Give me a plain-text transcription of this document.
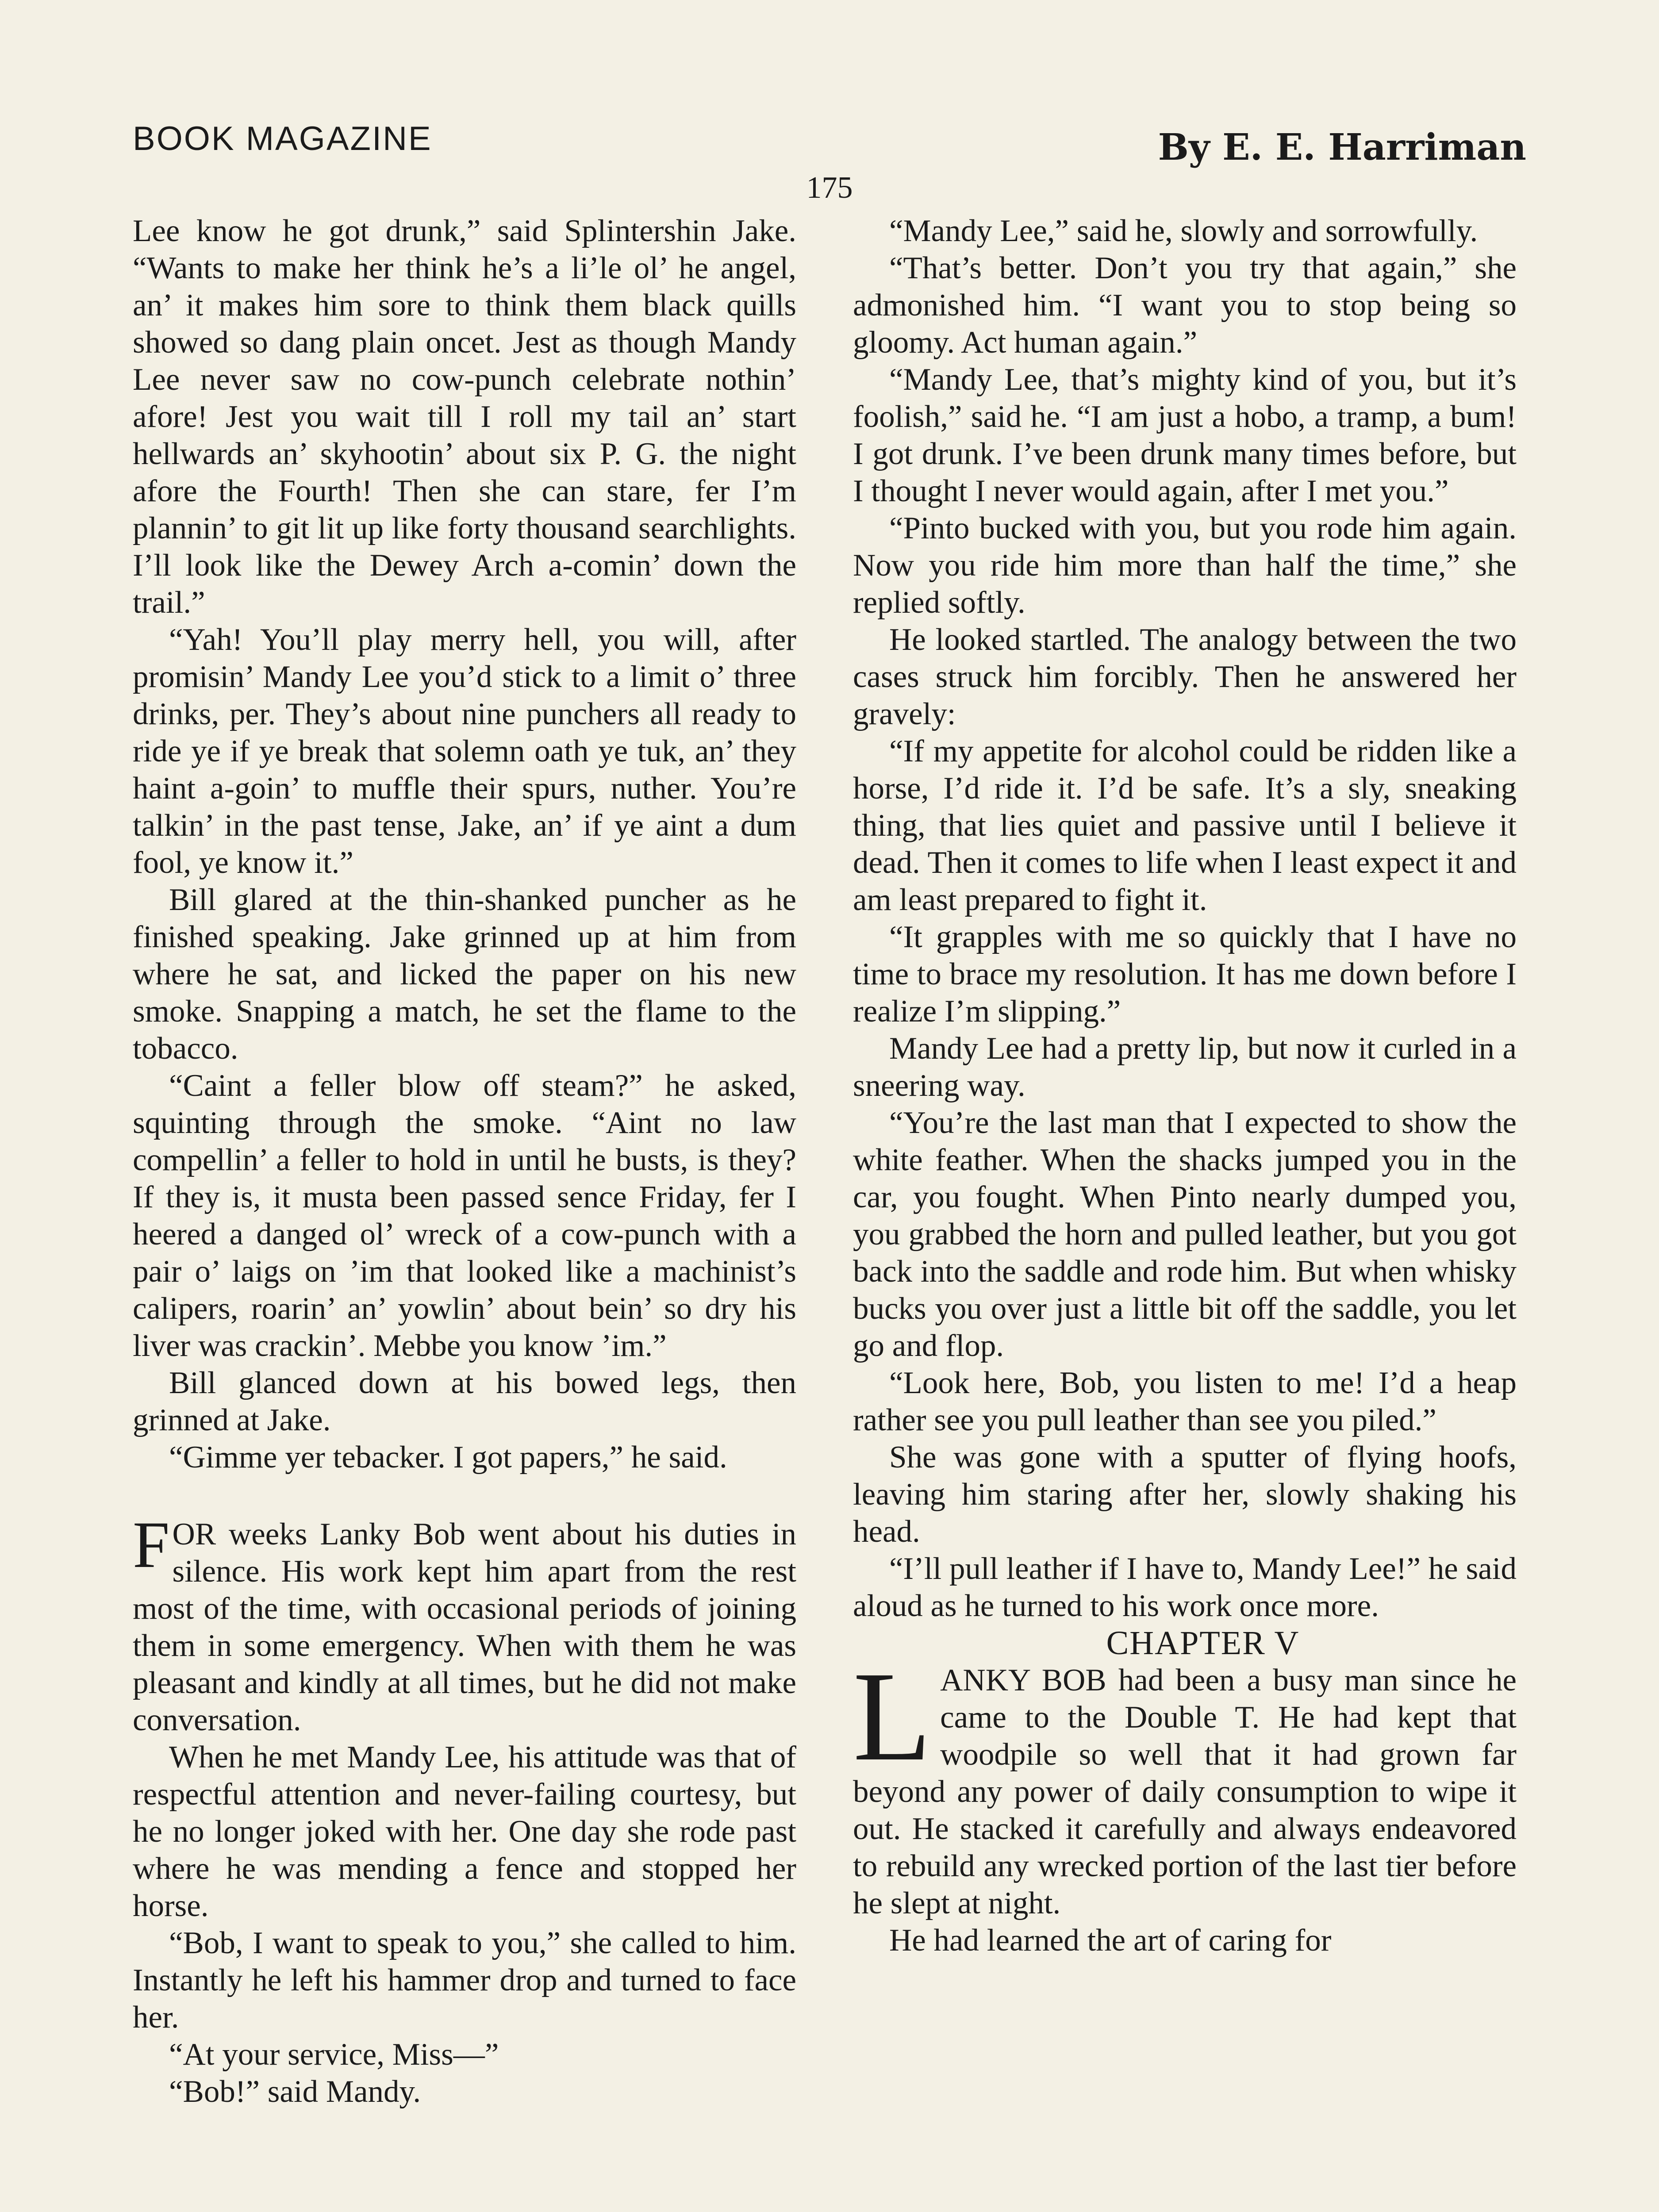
BOOK MAGAZINE	By E. E. Harriman
175

Lee know he got drunk,” said Splintershin Jake. “Wants to make her think he’s a li’le ol’ he angel, an’ it makes him sore to think them black quills showed so dang plain oncet. Jest as though Mandy Lee never saw no cow-punch celebrate nothin’ afore! Jest you wait till I roll my tail an’ start hellwards an’ skyhootin’ about six P. G. the night afore the Fourth! Then she can stare, fer I’m plannin’ to git lit up like forty thousand searchlights. I’ll look like the Dewey Arch a-comin’ down the trail.”

“Yah! You’ll play merry hell, you will, after promisin’ Mandy Lee you’d stick to a limit o’ three drinks, per. They’s about nine punchers all ready to ride ye if ye break that solemn oath ye tuk, an’ they haint a-goin’ to muffle their spurs, nuther. You’re talkin’ in the past tense, Jake, an’ if ye aint a dum fool, ye know it.”

Bill glared at the thin-shanked puncher as he finished speaking. Jake grinned up at him from where he sat, and licked the paper on his new smoke. Snapping a match, he set the flame to the tobacco.

“Caint a feller blow off steam?” he asked, squinting through the smoke. “Aint no law compellin’ a feller to hold in until he busts, is they? If they is, it musta been passed sence Friday, fer I heered a danged ol’ wreck of a cow-punch with a pair o’ laigs on ’im that looked like a machinist’s calipers, roarin’ an’ yowlin’ about bein’ so dry his liver was crackin’. Mebbe you know ’im.”

Bill glanced down at his bowed legs, then grinned at Jake.

“Gimme yer tebacker. I got papers,” he said.

FOR weeks Lanky Bob went about his duties in silence. His work kept him apart from the rest most of the time, with occasional periods of joining them in some emergency. When with them he was pleasant and kindly at all times, but he did not make conversation.

When he met Mandy Lee, his attitude was that of respectful attention and never-failing courtesy, but he no longer joked with her. One day she rode past where he was mending a fence and stopped her horse.

“Bob, I want to speak to you,” she called to him. Instantly he left his hammer drop and turned to face her.

“At your service, Miss—”

“Bob!” said Mandy.

“Mandy Lee,” said he, slowly and sorrowfully.

“That’s better. Don’t you try that again,” she admonished him. “I want you to stop being so gloomy. Act human again.”

“Mandy Lee, that’s mighty kind of you, but it’s foolish,” said he. “I am just a hobo, a tramp, a bum! I got drunk. I’ve been drunk many times before, but I thought I never would again, after I met you.”

“Pinto bucked with you, but you rode him again. Now you ride him more than half the time,” she replied softly.

He looked startled. The analogy between the two cases struck him forcibly. Then he answered her gravely:

“If my appetite for alcohol could be ridden like a horse, I’d ride it. I’d be safe. It’s a sly, sneaking thing, that lies quiet and passive until I believe it dead. Then it comes to life when I least expect it and am least prepared to fight it.

“It grapples with me so quickly that I have no time to brace my resolution. It has me down before I realize I’m slipping.”

Mandy Lee had a pretty lip, but now it curled in a sneering way.

“You’re the last man that I expected to show the white feather. When the shacks jumped you in the car, you fought. When Pinto nearly dumped you, you grabbed the horn and pulled leather, but you got back into the saddle and rode him. But when whisky bucks you over just a little bit off the saddle, you let go and flop.

“Look here, Bob, you listen to me! I’d a heap rather see you pull leather than see you piled.”

She was gone with a sputter of flying hoofs, leaving him staring after her, slowly shaking his head.

“I’ll pull leather if I have to, Mandy Lee!” he said aloud as he turned to his work once more.

CHAPTER V

LANKY BOB had been a busy man since he came to the Double T. He had kept that woodpile so well that it had grown far beyond any power of daily consumption to wipe it out. He stacked it carefully and always endeavored to rebuild any wrecked portion of the last tier before he slept at night.

He had learned the art of caring for
